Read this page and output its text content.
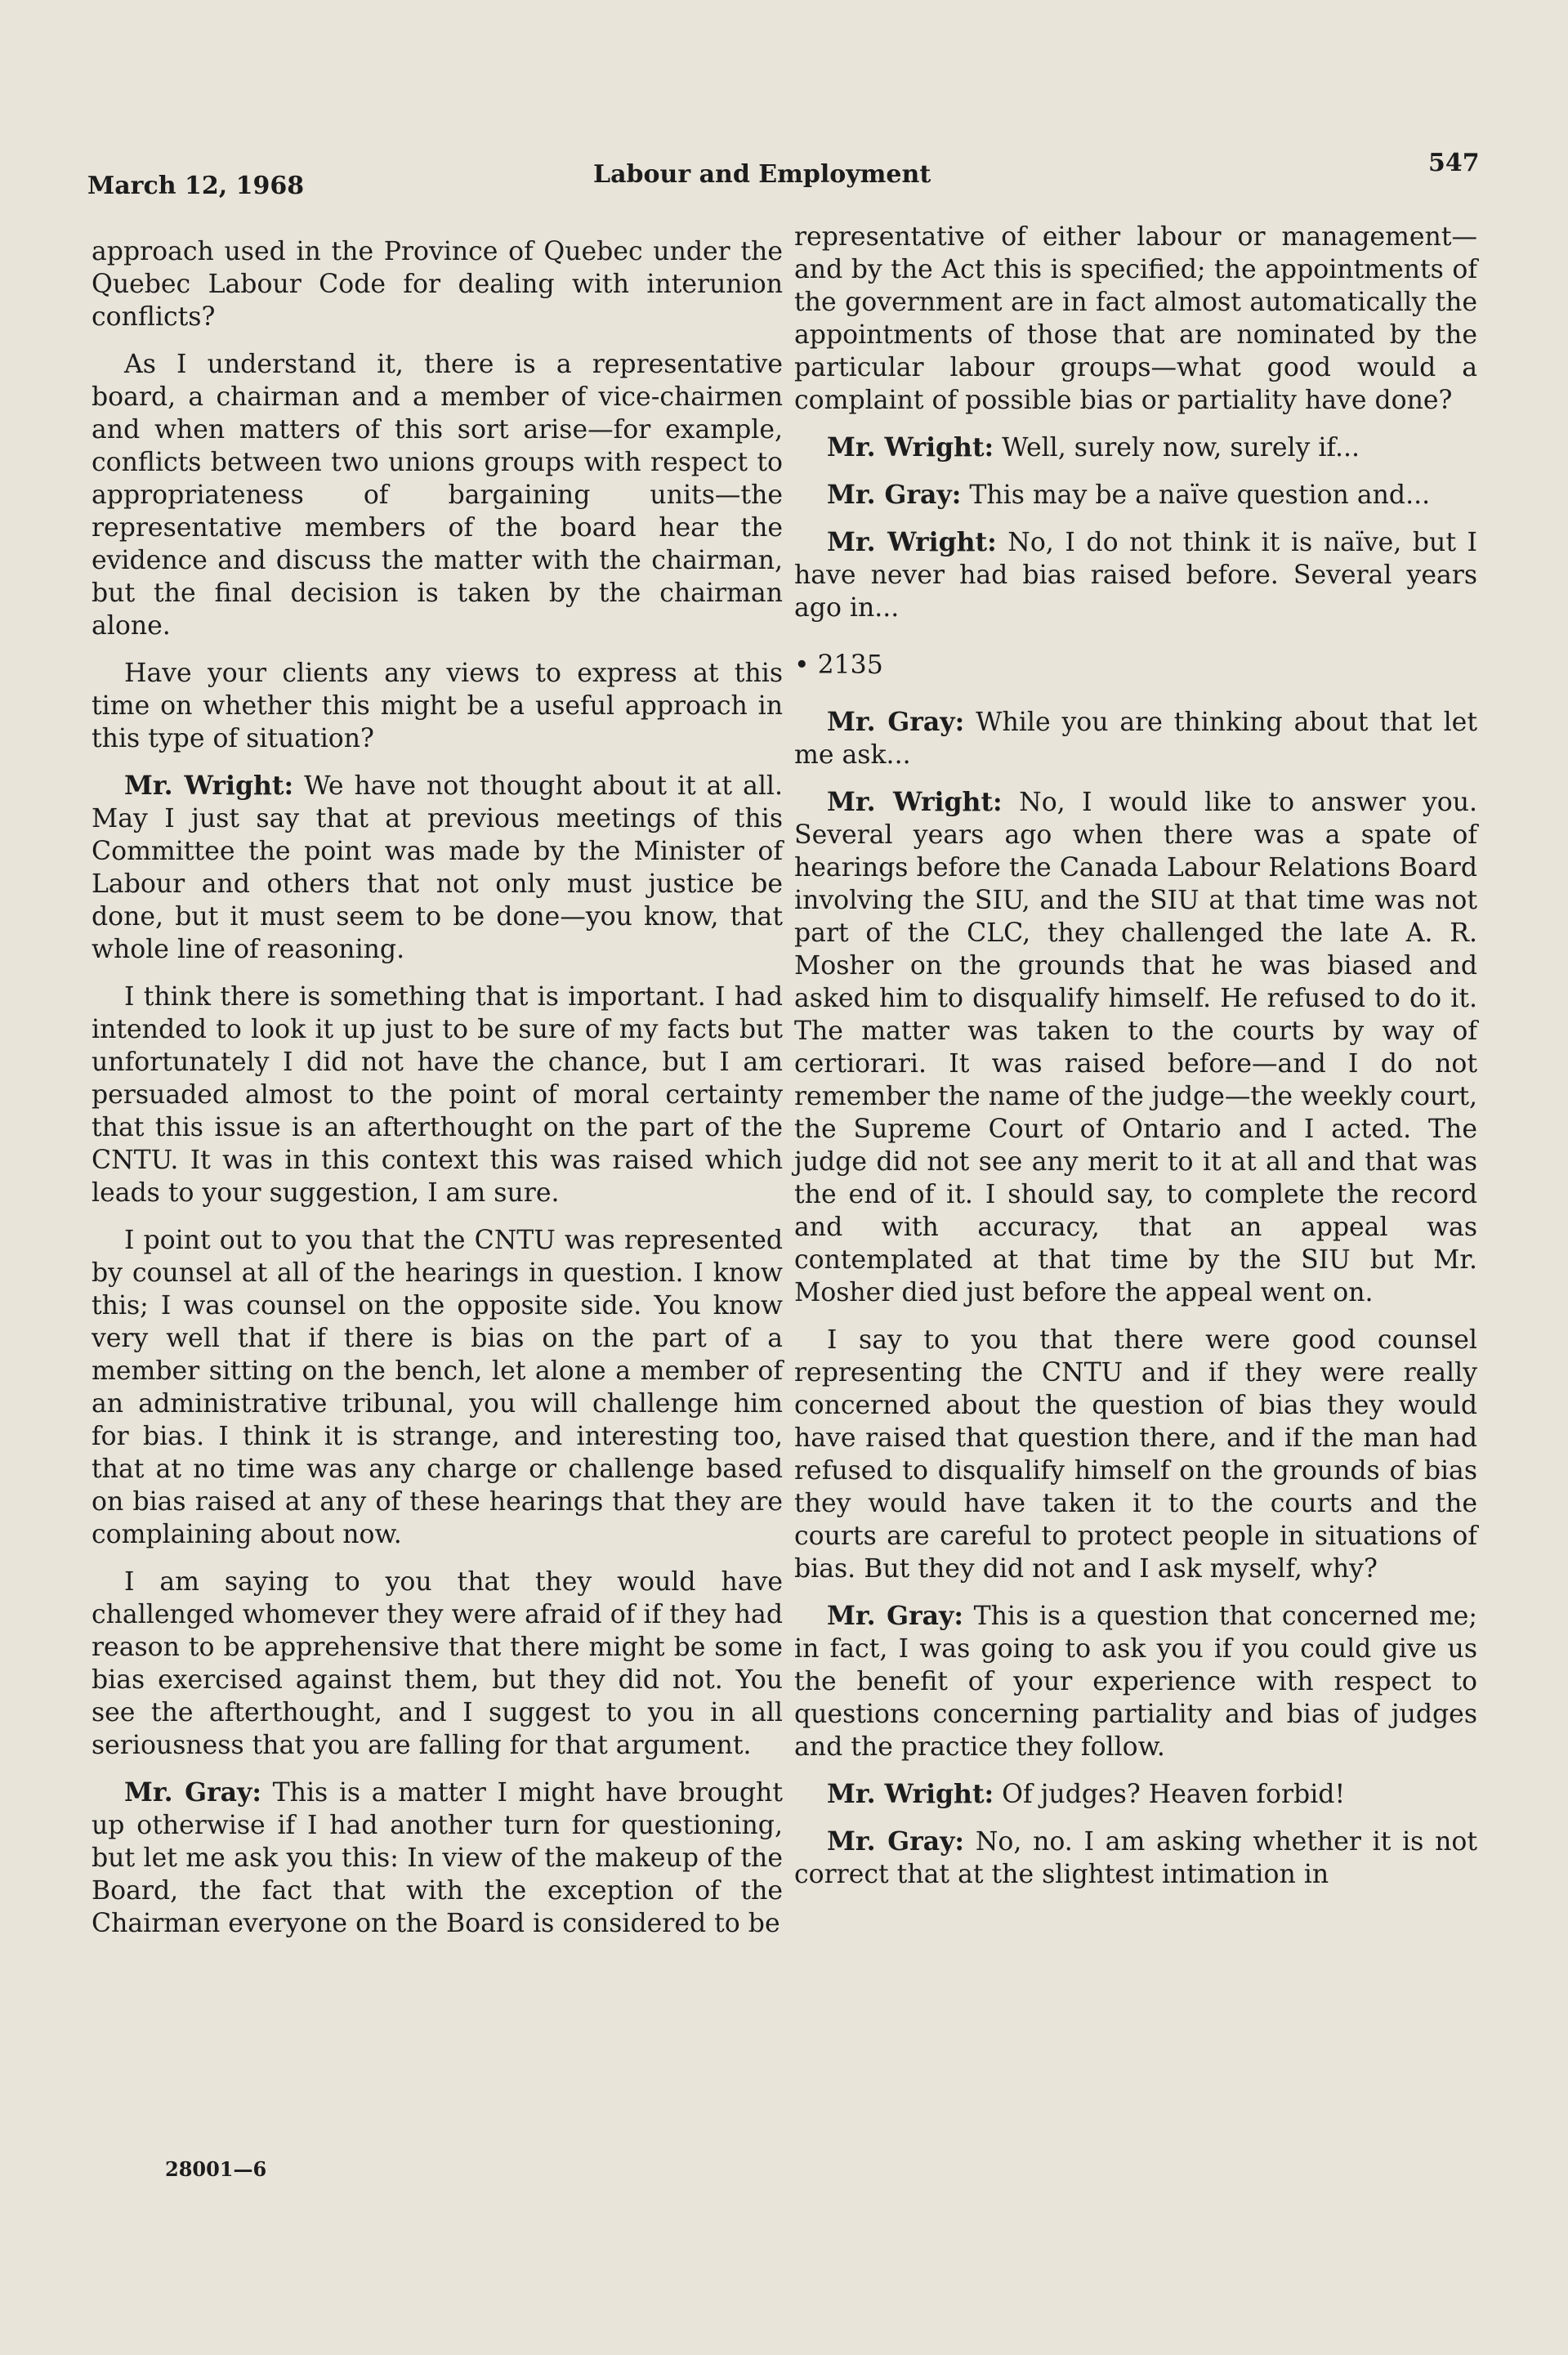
March 12, 1968	Labour and Employment	547

approach used in the Province of Quebec under the Quebec Labour Code for dealing with interunion conflicts?

As I understand it, there is a representative board, a chairman and a member of vice-chairmen and when matters of this sort arise—for example, conflicts between two unions groups with respect to appropriateness of bargaining units—the representative members of the board hear the evidence and discuss the matter with the chairman, but the final decision is taken by the chairman alone.

Have your clients any views to express at this time on whether this might be a useful approach in this type of situation?

Mr. Wright: We have not thought about it at all. May I just say that at previous meetings of this Committee the point was made by the Minister of Labour and others that not only must justice be done, but it must seem to be done—you know, that whole line of reasoning.

I think there is something that is important. I had intended to look it up just to be sure of my facts but unfortunately I did not have the chance, but I am persuaded almost to the point of moral certainty that this issue is an afterthought on the part of the CNTU. It was in this context this was raised which leads to your suggestion, I am sure.

I point out to you that the CNTU was represented by counsel at all of the hearings in question. I know this; I was counsel on the opposite side. You know very well that if there is bias on the part of a member sitting on the bench, let alone a member of an administrative tribunal, you will challenge him for bias. I think it is strange, and interesting too, that at no time was any charge or challenge based on bias raised at any of these hearings that they are complaining about now.

I am saying to you that they would have challenged whomever they were afraid of if they had reason to be apprehensive that there might be some bias exercised against them, but they did not. You see the afterthought, and I suggest to you in all seriousness that you are falling for that argument.

Mr. Gray: This is a matter I might have brought up otherwise if I had another turn for questioning, but let me ask you this: In view of the makeup of the Board, the fact that with the exception of the Chairman everyone on the Board is considered to be

representative of either labour or management—and by the Act this is specified; the appointments of the government are in fact almost automatically the appointments of those that are nominated by the particular labour groups—what good would a complaint of possible bias or partiality have done?

Mr. Wright: Well, surely now, surely if...

Mr. Gray: This may be a naïve question and...

Mr. Wright: No, I do not think it is naïve, but I have never had bias raised before. Several years ago in...

• 2135

Mr. Gray: While you are thinking about that let me ask...

Mr. Wright: No, I would like to answer you. Several years ago when there was a spate of hearings before the Canada Labour Relations Board involving the SIU, and the SIU at that time was not part of the CLC, they challenged the late A. R. Mosher on the grounds that he was biased and asked him to disqualify himself. He refused to do it. The matter was taken to the courts by way of certiorari. It was raised before—and I do not remember the name of the judge—the weekly court, the Supreme Court of Ontario and I acted. The judge did not see any merit to it at all and that was the end of it. I should say, to complete the record and with accuracy, that an appeal was contemplated at that time by the SIU but Mr. Mosher died just before the appeal went on.

I say to you that there were good counsel representing the CNTU and if they were really concerned about the question of bias they would have raised that question there, and if the man had refused to disqualify himself on the grounds of bias they would have taken it to the courts and the courts are careful to protect people in situations of bias. But they did not and I ask myself, why?

Mr. Gray: This is a question that concerned me; in fact, I was going to ask you if you could give us the benefit of your experience with respect to questions concerning partiality and bias of judges and the practice they follow.

Mr. Wright: Of judges? Heaven forbid!

Mr. Gray: No, no. I am asking whether it is not correct that at the slightest intimation in

28001—6
